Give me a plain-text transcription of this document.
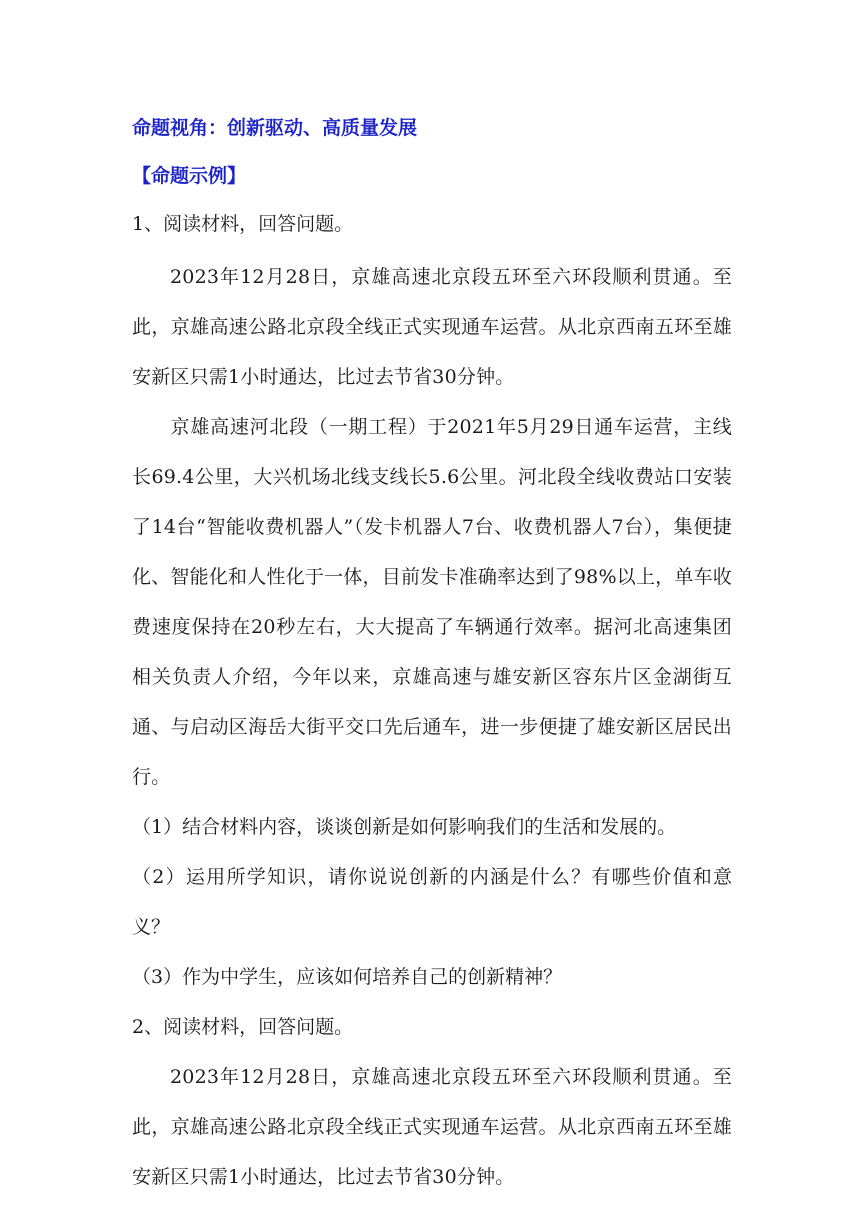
命题视角：创新驱动、高质量发展
【命题示例】
1、阅读材料，回答问题。

2023年12月28日，京雄高速北京段五环至六环段顺利贯通。至此，京雄高速公路北京段全线正式实现通车运营。从北京西南五环至雄安新区只需1小时通达，比过去节省30分钟。

京雄高速河北段（一期工程）于2021年5月29日通车运营，主线长69.4公里，大兴机场北线支线长5.6公里。河北段全线收费站口安装了14台“智能收费机器人”（发卡机器人7台、收费机器人7台），集便捷化、智能化和人性化于一体，目前发卡准确率达到了98%以上，单车收费速度保持在20秒左右，大大提高了车辆通行效率。据河北高速集团相关负责人介绍，今年以来，京雄高速与雄安新区容东片区金湖街互通、与启动区海岳大街平交口先后通车，进一步便捷了雄安新区居民出行。

（1）结合材料内容，谈谈创新是如何影响我们的生活和发展的。

（2）运用所学知识，请你说说创新的内涵是什么？有哪些价值和意义？

（3）作为中学生，应该如何培养自己的创新精神？

2、阅读材料，回答问题。

2023年12月28日，京雄高速北京段五环至六环段顺利贯通。至此，京雄高速公路北京段全线正式实现通车运营。从北京西南五环至雄安新区只需1小时通达，比过去节省30分钟。
